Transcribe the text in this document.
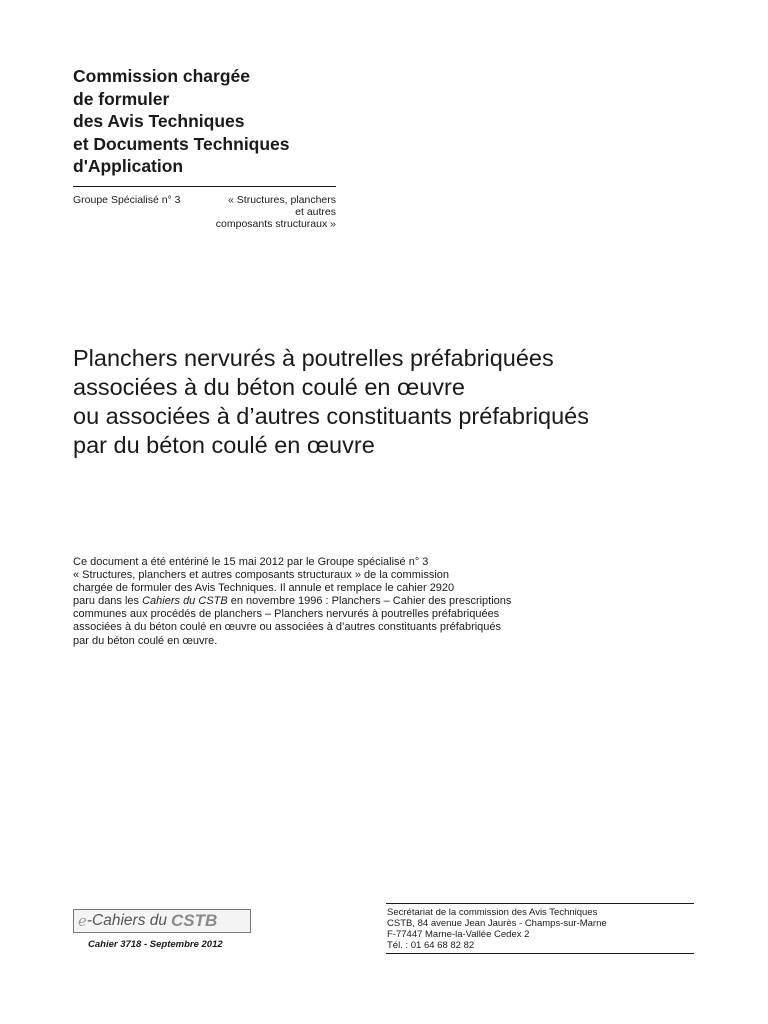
Commission chargée
de formuler
des Avis Techniques
et Documents Techniques
d'Application
Groupe Spécialisé n° 3	« Structures, planchers
et autres
composants structuraux »
Planchers nervurés à poutrelles préfabriquées
associées à du béton coulé en œuvre
ou associées à d’autres constituants préfabriqués
par du béton coulé en œuvre
Ce document a été entériné le 15 mai 2012 par le Groupe spécialisé n° 3
« Structures, planchers et autres composants structuraux » de la commission
chargée de formuler des Avis Techniques. Il annule et remplace le cahier 2920
paru dans les Cahiers du CSTB en novembre 1996 : Planchers – Cahier des prescriptions
communes aux procédés de planchers – Planchers nervurés à poutrelles préfabriquées
associées à du béton coulé en œuvre ou associées à d’autres constituants préfabriqués
par du béton coulé en œuvre.
e -Cahiers du CSTB
Cahier 3718 - Septembre 2012
Secrétariat de la commission des Avis Techniques
CSTB, 84 avenue Jean Jaurès - Champs-sur-Marne
F-77447 Marne-la-Vallée Cedex 2
Tél. : 01 64 68 82 82
